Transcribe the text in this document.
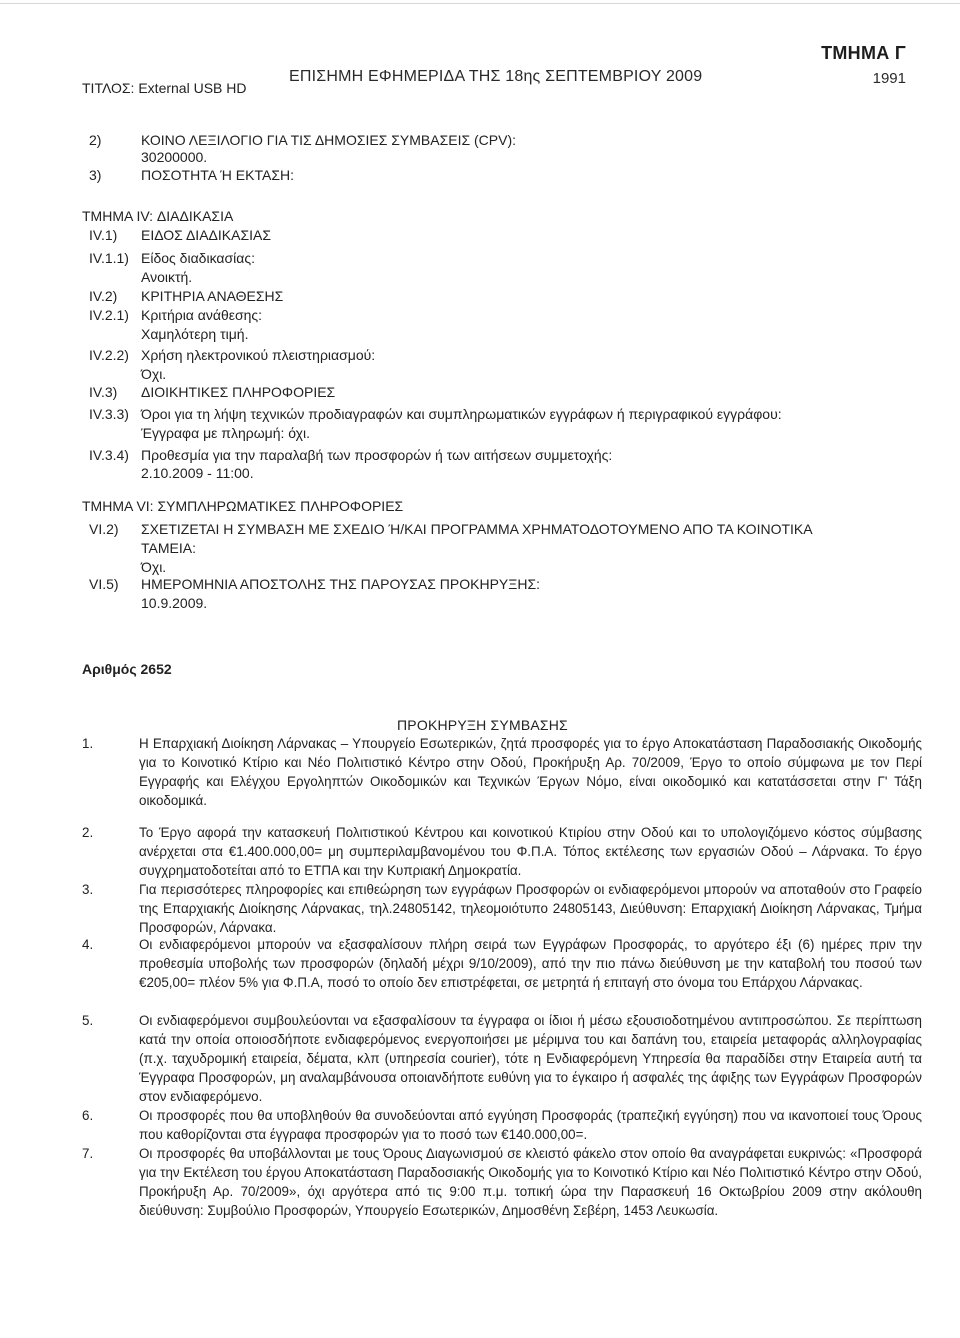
ΤΜΗΜΑ Γ
ΕΠΙΣΗΜΗ ΕΦΗΜΕΡΙΔΑ ΤΗΣ 18ης ΣΕΠΤΕΜΒΡΙΟΥ 2009	1991
ΤΙΤΛΟΣ: External USB HD
2)	ΚΟΙΝΟ ΛΕΞΙΛΟΓΙΟ ΓΙΑ ΤΙΣ ΔΗΜΟΣΙΕΣ ΣΥΜΒΑΣΕΙΣ (CPV):
30200000.
3)	ΠΟΣΟΤΗΤΑ Ή ΕΚΤΑΣΗ:
ΤΜΗΜΑ IV: ΔΙΑΔΙΚΑΣΙΑ
IV.1) ΕΙΔΟΣ ΔΙΑΔΙΚΑΣΙΑΣ
IV.1.1) Είδος διαδικασίας:
Ανοικτή.
IV.2) ΚΡΙΤΗΡΙΑ ΑΝΑΘΕΣΗΣ
IV.2.1) Κριτήρια ανάθεσης:
Χαμηλότερη τιμή.
IV.2.2) Χρήση ηλεκτρονικού πλειστηριασμού:
Όχι.
IV.3) ΔΙΟΙΚΗΤΙΚΕΣ ΠΛΗΡΟΦΟΡΙΕΣ
IV.3.3) Όροι για τη λήψη τεχνικών προδιαγραφών και συμπληρωματικών εγγράφων ή περιγραφικού εγγράφου:
Έγγραφα με πληρωμή: όχι.
IV.3.4) Προθεσμία για την παραλαβή των προσφορών ή των αιτήσεων συμμετοχής:
2.10.2009 - 11:00.
ΤΜΗΜΑ VI: ΣΥΜΠΛΗΡΩΜΑΤΙΚΕΣ ΠΛΗΡΟΦΟΡΙΕΣ
VI.2) ΣΧΕΤΙΖΕΤΑΙ Η ΣΥΜΒΑΣΗ ΜΕ ΣΧΕΔΙΟ Ή/ΚΑΙ ΠΡΟΓΡΑΜΜΑ ΧΡΗΜΑΤΟΔΟΤΟΥΜΕΝΟ ΑΠΟ ΤΑ ΚΟΙΝΟΤΙΚΑ
ΤΑΜΕΙΑ:
Όχι.
VI.5) ΗΜΕΡΟΜΗΝΙΑ ΑΠΟΣΤΟΛΗΣ ΤΗΣ ΠΑΡΟΥΣΑΣ ΠΡΟΚΗΡΥΞΗΣ:
10.9.2009.
Αριθμός 2652
ΠΡΟΚΗΡΥΞΗ ΣΥΜΒΑΣΗΣ
1.	Η Επαρχιακή Διοίκηση Λάρνακας – Υπουργείο Εσωτερικών, ζητά προσφορές για το έργο Αποκατάσταση Παραδοσιακής Οικοδομής για το Κοινοτικό Κτίριο και Νέο Πολιτιστικό Κέντρο στην Οδού, Προκήρυξη Αρ. 70/2009, Έργο το οποίο σύμφωνα με τον Περί Εγγραφής και Ελέγχου Εργοληπτών Οικοδομικών και Τεχνικών Έργων Νόμο, είναι οικοδομικό και κατατάσσεται στην Γ' Τάξη οικοδομικά.
2.	Το Έργο αφορά την κατασκευή Πολιτιστικού Κέντρου και κοινοτικού Κτιρίου στην Οδού και το υπολογιζόμενο κόστος σύμβασης ανέρχεται στα €1.400.000,00= μη συμπεριλαμβανομένου του Φ.Π.Α. Τόπος εκτέλεσης των εργασιών Οδού – Λάρνακα. Το έργο συγχρηματοδοτείται από το ΕΤΠΑ και την Κυπριακή Δημοκρατία.
3.	Για περισσότερες πληροφορίες και επιθεώρηση των εγγράφων Προσφορών οι ενδιαφερόμενοι μπορούν να αποταθούν στο Γραφείο της Επαρχιακής Διοίκησης Λάρνακας, τηλ.24805142, τηλεομοιότυπο 24805143, Διεύθυνση: Επαρχιακή Διοίκηση Λάρνακας, Τμήμα Προσφορών, Λάρνακα.
4.	Οι ενδιαφερόμενοι μπορούν να εξασφαλίσουν πλήρη σειρά των Εγγράφων Προσφοράς, το αργότερο έξι (6) ημέρες πριν την προθεσμία υποβολής των προσφορών (δηλαδή μέχρι 9/10/2009), από την πιο πάνω διεύθυνση με την καταβολή του ποσού των €205,00= πλέον 5% για Φ.Π.Α, ποσό το οποίο δεν επιστρέφεται, σε μετρητά ή επιταγή στο όνομα του Επάρχου Λάρνακας.
5.	Οι ενδιαφερόμενοι συμβουλεύονται να εξασφαλίσουν τα έγγραφα οι ίδιοι ή μέσω εξουσιοδοτημένου αντιπροσώπου. Σε περίπτωση κατά την οποία οποιοσδήποτε ενδιαφερόμενος ενεργοποιήσει με μέριμνα του και δαπάνη του, εταιρεία μεταφοράς αλληλογραφίας (π.χ. ταχυδρομική εταιρεία, δέματα, κλπ (υπηρεσία courier), τότε η Ενδιαφερόμενη Υπηρεσία θα παραδίδει στην Εταιρεία αυτή τα Έγγραφα Προσφορών, μη αναλαμβάνουσα οποιανδήποτε ευθύνη για το έγκαιρο ή ασφαλές της άφιξης των Εγγράφων Προσφορών στον ενδιαφερόμενο.
6.	Οι προσφορές που θα υποβληθούν θα συνοδεύονται από εγγύηση Προσφοράς (τραπεζική εγγύηση) που να ικανοποιεί τους Όρους που καθορίζονται στα έγγραφα προσφορών για το ποσό των €140.000,00=.
7.	Οι προσφορές θα υποβάλλονται με τους Όρους Διαγωνισμού σε κλειστό φάκελο στον οποίο θα αναγράφεται ευκρινώς: «Προσφορά για την Εκτέλεση του έργου Αποκατάσταση Παραδοσιακής Οικοδομής για το Κοινοτικό Κτίριο και Νέο Πολιτιστικό Κέντρο στην Οδού, Προκήρυξη Αρ. 70/2009», όχι αργότερα από τις 9:00 π.μ. τοπική ώρα την Παρασκευή 16 Οκτωβρίου 2009 στην ακόλουθη διεύθυνση: Συμβούλιο Προσφορών, Υπουργείο Εσωτερικών, Δημοσθένη Σεβέρη, 1453 Λευκωσία.
